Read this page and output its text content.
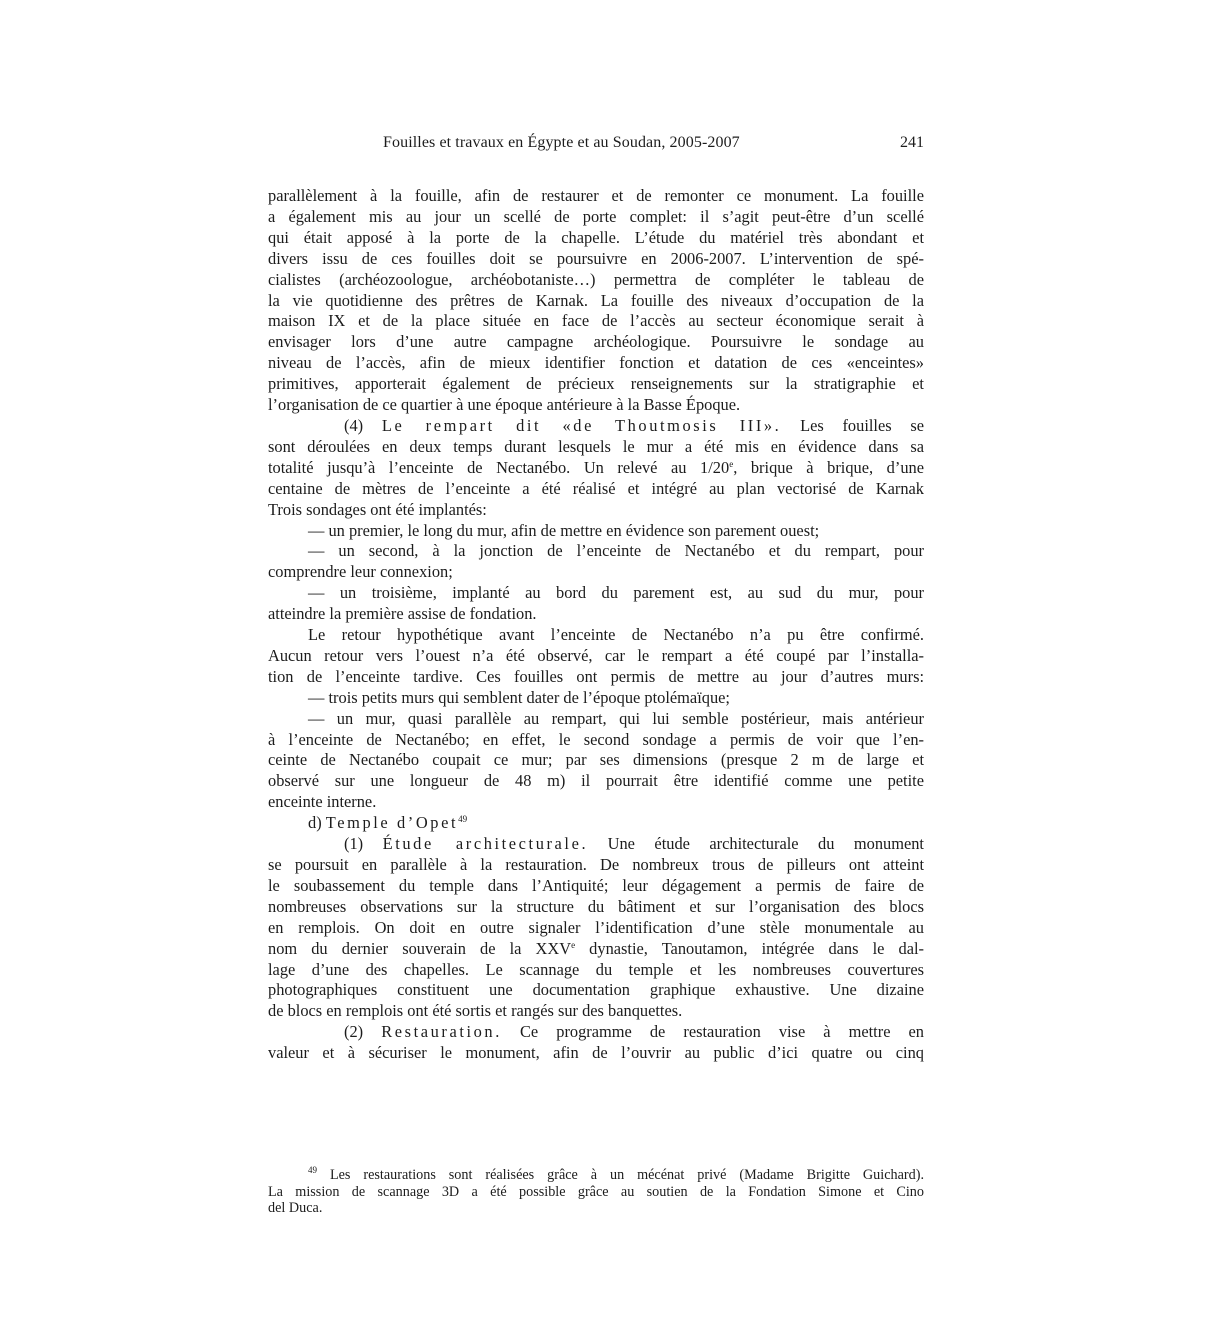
Fouilles et travaux en Égypte et au Soudan, 2005-2007	241
parallèlement à la fouille, afin de restaurer et de remonter ce monument. La fouille
a également mis au jour un scellé de porte complet: il s’agit peut-être d’un scellé
qui était apposé à la porte de la chapelle. L’étude du matériel très abondant et
divers issu de ces fouilles doit se poursuivre en 2006-2007. L’intervention de spé-
cialistes (archéozoologue, archéobotaniste…) permettra de compléter le tableau de
la vie quotidienne des prêtres de Karnak. La fouille des niveaux d’occupation de la
maison IX et de la place située en face de l’accès au secteur économique serait à
envisager lors d’une autre campagne archéologique. Poursuivre le sondage au
niveau de l’accès, afin de mieux identifier fonction et datation de ces «enceintes»
primitives, apporterait également de précieux renseignements sur la stratigraphie et
l’organisation de ce quartier à une époque antérieure à la Basse Époque.
(4) Le rempart dit «de Thoutmosis III». Les fouilles se
sont déroulées en deux temps durant lesquels le mur a été mis en évidence dans sa
totalité jusqu’à l’enceinte de Nectanébo. Un relevé au 1/20e, brique à brique, d’une
centaine de mètres de l’enceinte a été réalisé et intégré au plan vectorisé de Karnak
Trois sondages ont été implantés:
— un premier, le long du mur, afin de mettre en évidence son parement ouest;
— un second, à la jonction de l’enceinte de Nectanébo et du rempart, pour
comprendre leur connexion;
— un troisième, implanté au bord du parement est, au sud du mur, pour
atteindre la première assise de fondation.
Le retour hypothétique avant l’enceinte de Nectanébo n’a pu être confirmé.
Aucun retour vers l’ouest n’a été observé, car le rempart a été coupé par l’installa-
tion de l’enceinte tardive. Ces fouilles ont permis de mettre au jour d’autres murs:
— trois petits murs qui semblent dater de l’époque ptolémaïque;
— un mur, quasi parallèle au rempart, qui lui semble postérieur, mais antérieur
à l’enceinte de Nectanébo; en effet, le second sondage a permis de voir que l’en-
ceinte de Nectanébo coupait ce mur; par ses dimensions (presque 2 m de large et
observé sur une longueur de 48 m) il pourrait être identifié comme une petite
enceinte interne.
d) Temple d’Opet$^{49}$
(1) Étude architecturale. Une étude architecturale du monument
se poursuit en parallèle à la restauration. De nombreux trous de pilleurs ont atteint
le soubassement du temple dans l’Antiquité; leur dégagement a permis de faire de
nombreuses observations sur la structure du bâtiment et sur l’organisation des blocs
en remplois. On doit en outre signaler l’identification d’une stèle monumentale au
nom du dernier souverain de la XXVe dynastie, Tanoutamon, intégrée dans le dal-
lage d’une des chapelles. Le scannage du temple et les nombreuses couvertures
photographiques constituent une documentation graphique exhaustive. Une dizaine
de blocs en remplois ont été sortis et rangés sur des banquettes.
(2) Restauration. Ce programme de restauration vise à mettre en
valeur et à sécuriser le monument, afin de l’ouvrir au public d’ici quatre ou cinq
$^{49}$ Les restaurations sont réalisées grâce à un mécénat privé (Madame Brigitte Guichard).
La mission de scannage 3D a été possible grâce au soutien de la Fondation Simone et Cino
del Duca.
